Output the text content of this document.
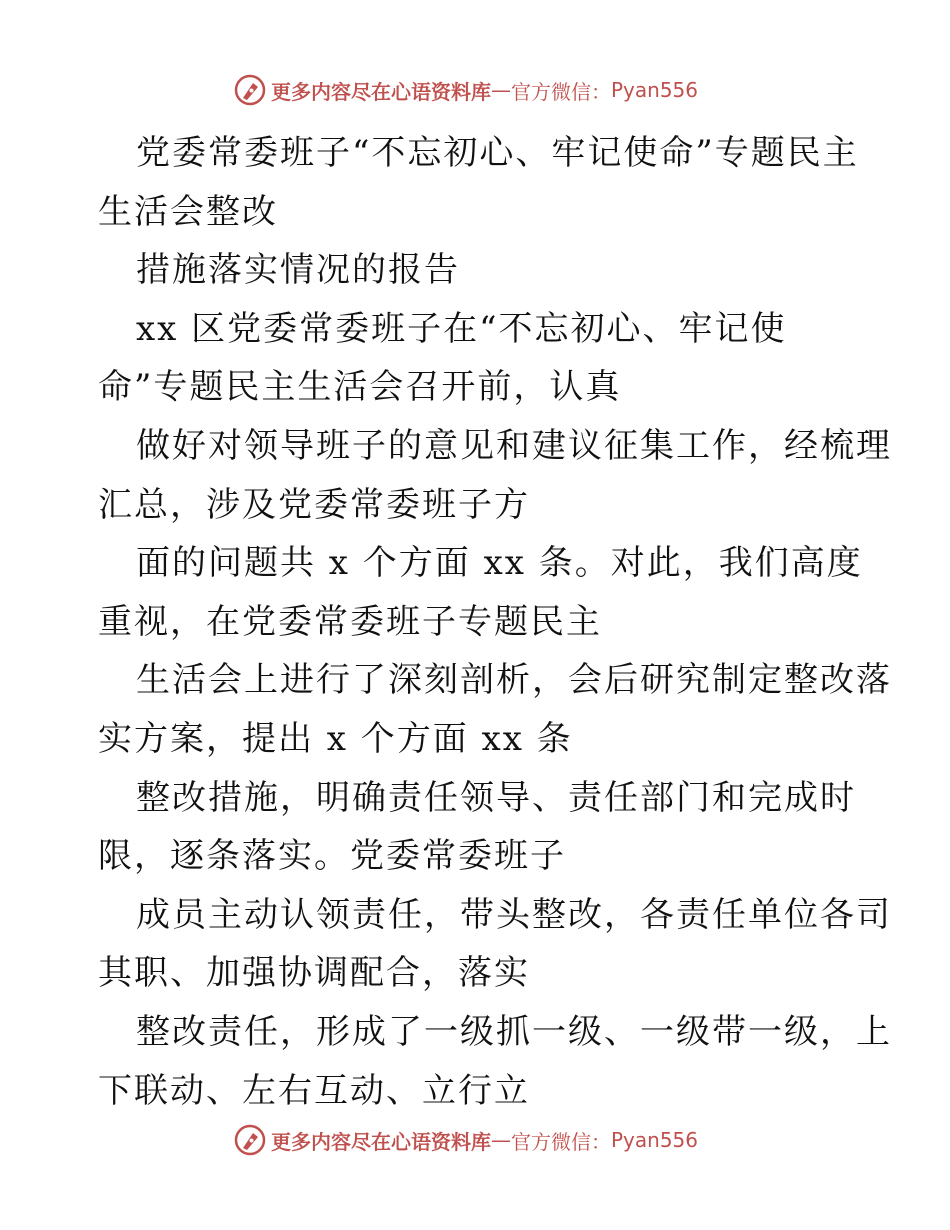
更多内容尽在心语资料库 — 官方微信： Pyan556
党委常委班子“不忘初心、牢记使命”专题民主
生活会整改
措施落实情况的报告
xx 区党委常委班子在“不忘初心、牢记使
命”专题民主生活会召开前，认真
做好对领导班子的意见和建议征集工作，经梳理
汇总，涉及党委常委班子方
面的问题共 x 个方面 xx 条。对此，我们高度
重视，在党委常委班子专题民主
生活会上进行了深刻剖析，会后研究制定整改落
实方案，提出 x 个方面 xx 条
整改措施，明确责任领导、责任部门和完成时
限，逐条落实。党委常委班子
成员主动认领责任，带头整改，各责任单位各司
其职、加强协调配合，落实
整改责任，形成了一级抓一级、一级带一级，上
下联动、左右互动、立行立
更多内容尽在心语资料库 — 官方微信： Pyan556
